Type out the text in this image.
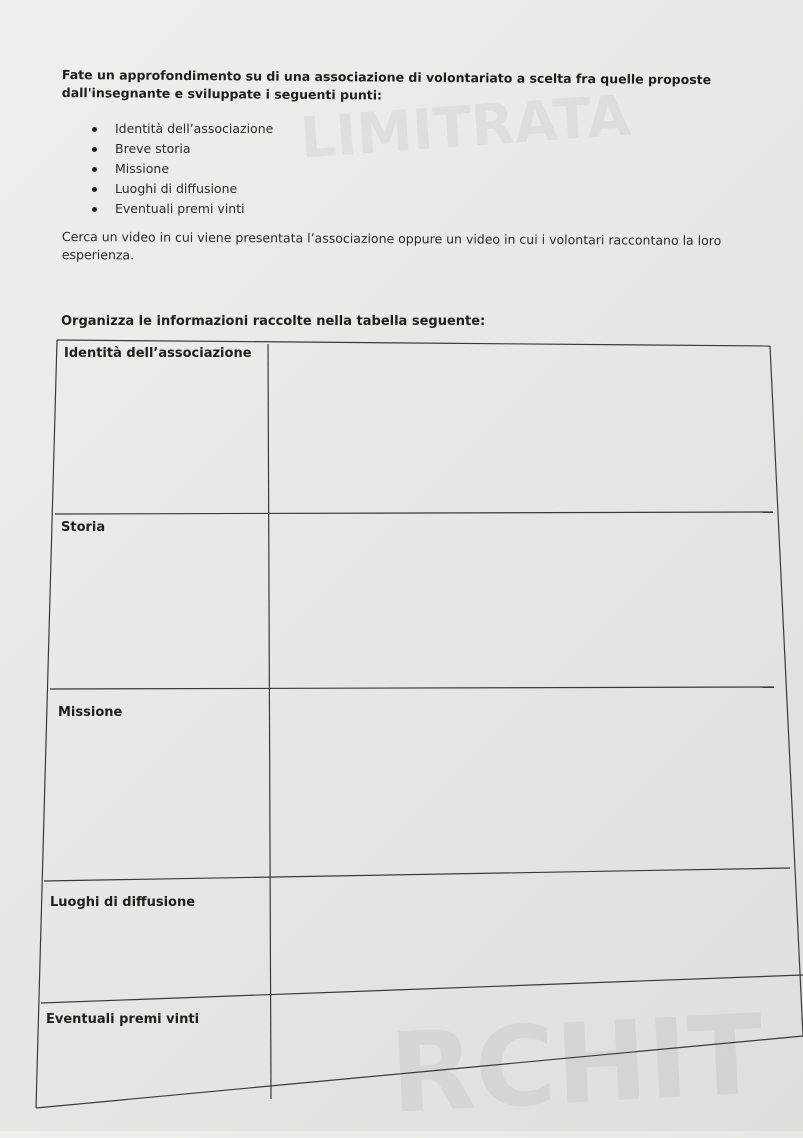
LIMITRATA
RCHIT
Fate un approfondimento su di una associazione di volontariato a scelta fra quelle proposte dall'insegnante e sviluppate i seguenti punti:
Identità dell’associazione
Breve storia
Missione
Luoghi di diffusione
Eventuali premi vinti
Cerca un video in cui viene presentata l’associazione oppure un video in cui i volontari raccontano la loro esperienza.
Organizza le informazioni raccolte nella tabella seguente:
Identità dell’associazione
Storia
Missione
Luoghi di diffusione
Eventuali premi vinti
